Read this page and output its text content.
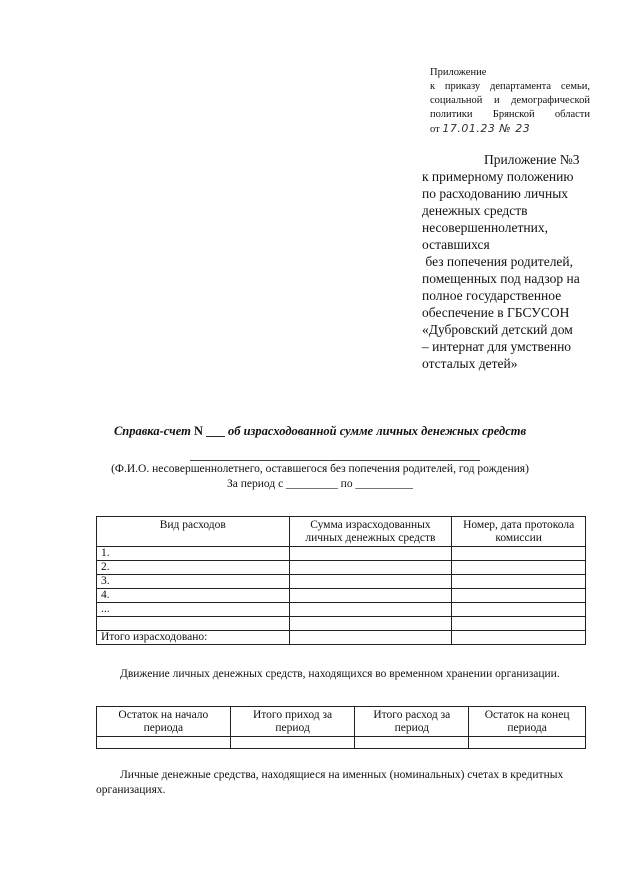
Приложение
к приказу департамента семьи,
социальной и демографической
политики Брянской области
от 17.01.23 № 23
Приложение №3
к примерному положению
по расходованию личных
денежных средств
несовершеннолетних,
оставшихся
без попечения родителей,
помещенных под надзор на
полное государственное
обеспечение в ГБСУСОН
«Дубровский детский дом
– интернат для умственно
отсталых детей»
Справка-счет N ___ об израсходованной сумме личных денежных средств
(Ф.И.О. несовершеннолетнего, оставшегося без попечения родителей, год рождения)
За период с _________ по __________
Вид расходов	Сумма израсходованных личных денежных средств	Номер, дата протокола комиссии
1.		
2.		
3.		
4.		
...		

Итого израсходовано:		
Движение личных денежных средств, находящихся во временном хранении организации.
Остаток на начало периода	Итого приход за период	Итого расход за период	Остаток на конец периода

Личные денежные средства, находящиеся на именных (номинальных) счетах в кредитных организациях.
